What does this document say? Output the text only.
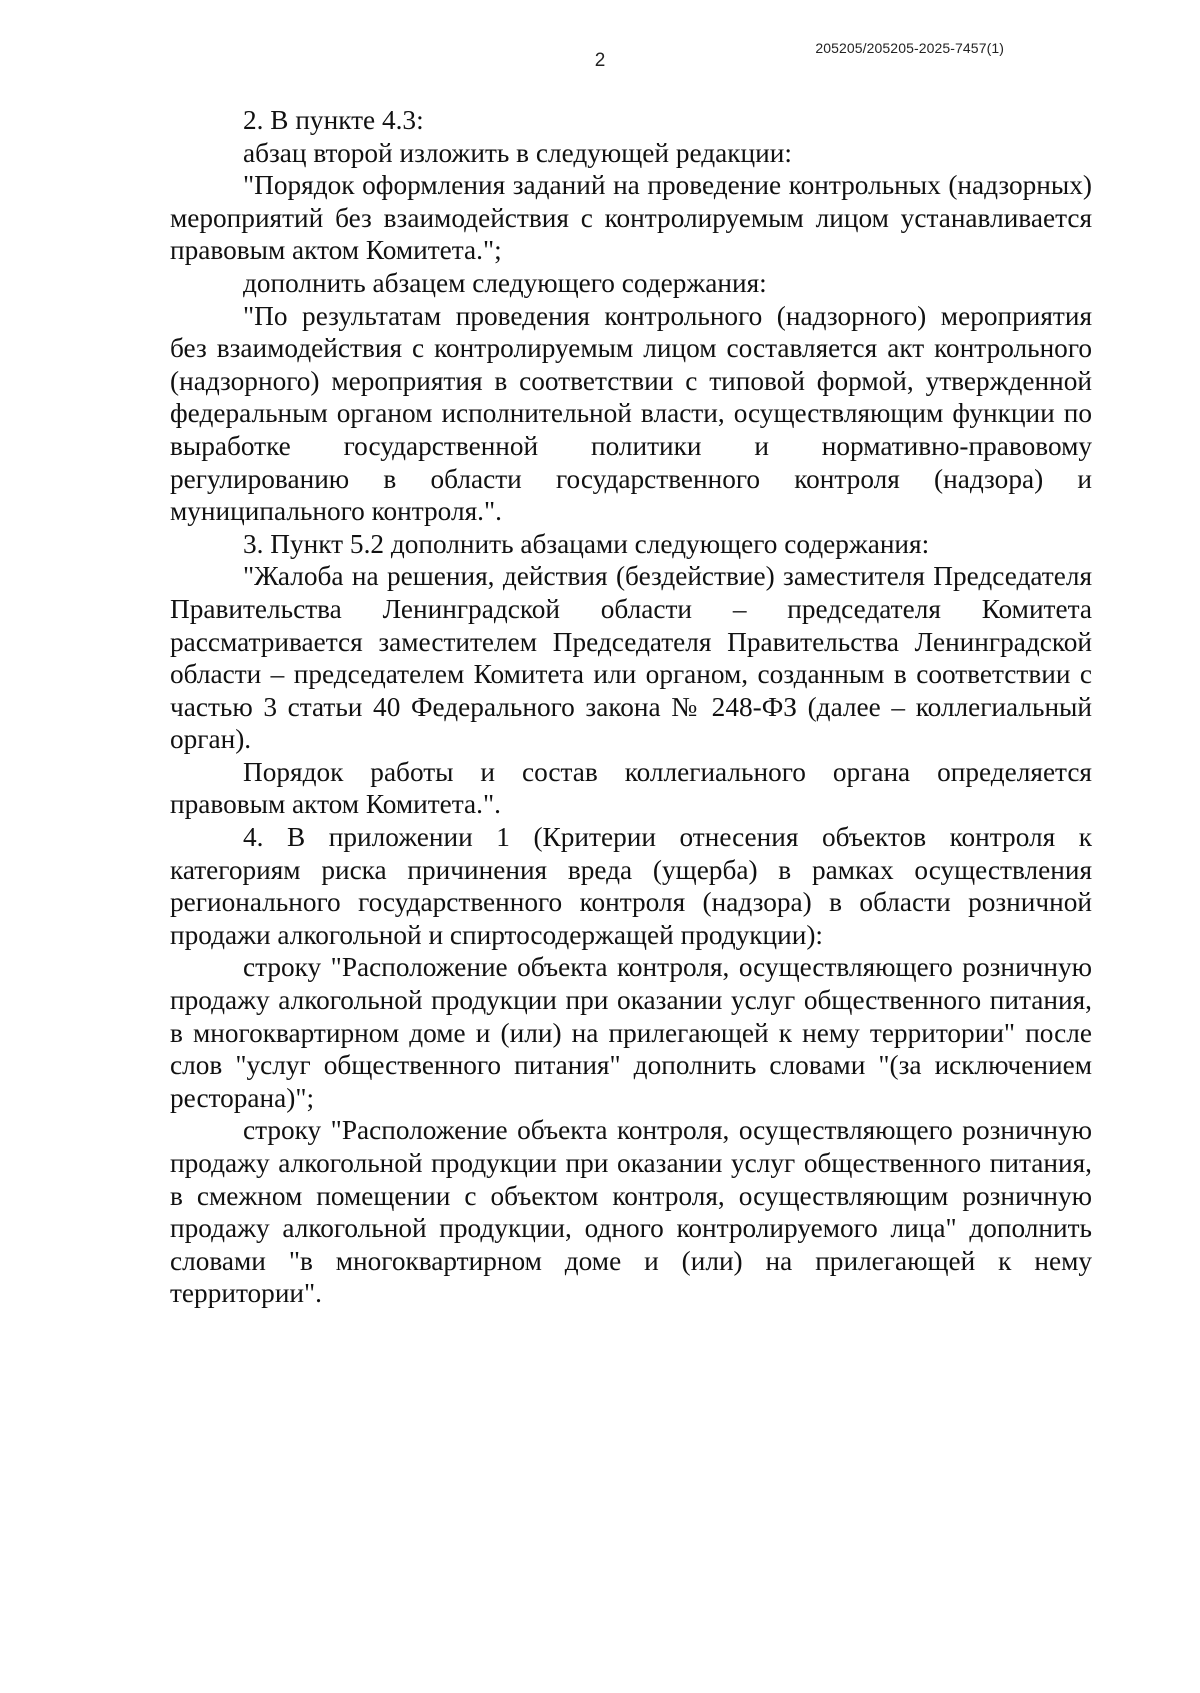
205205/205205-2025-7457(1)
2

2. В пункте 4.3:

абзац второй изложить в следующей редакции:

"Порядок оформления заданий на проведение контрольных (надзорных) мероприятий без взаимодействия с контролируемым лицом устанавливается правовым актом Комитета.";

дополнить абзацем следующего содержания:

"По результатам проведения контрольного (надзорного) мероприятия без взаимодействия с контролируемым лицом составляется акт контрольного (надзорного) мероприятия в соответствии с типовой формой, утвержденной федеральным органом исполнительной власти, осуществляющим функции по выработке государственной политики и нормативно-правовому регулированию в области государственного контроля (надзора) и муниципального контроля.".

3. Пункт 5.2 дополнить абзацами следующего содержания:

"Жалоба на решения, действия (бездействие) заместителя Председателя Правительства Ленинградской области – председателя Комитета рассматривается заместителем Председателя Правительства Ленинградской области – председателем Комитета или органом, созданным в соответствии с частью 3 статьи 40 Федерального закона № 248-ФЗ (далее – коллегиальный орган).

Порядок работы и состав коллегиального органа определяется правовым актом Комитета.".

4. В приложении 1 (Критерии отнесения объектов контроля к категориям риска причинения вреда (ущерба) в рамках осуществления регионального государственного контроля (надзора) в области розничной продажи алкогольной и спиртосодержащей продукции):

строку "Расположение объекта контроля, осуществляющего розничную продажу алкогольной продукции при оказании услуг общественного питания, в многоквартирном доме и (или) на прилегающей к нему территории" после слов "услуг общественного питания" дополнить словами "(за исключением ресторана)";

строку "Расположение объекта контроля, осуществляющего розничную продажу алкогольной продукции при оказании услуг общественного питания, в смежном помещении с объектом контроля, осуществляющим розничную продажу алкогольной продукции, одного контролируемого лица" дополнить словами "в многоквартирном доме и (или) на прилегающей к нему территории".
